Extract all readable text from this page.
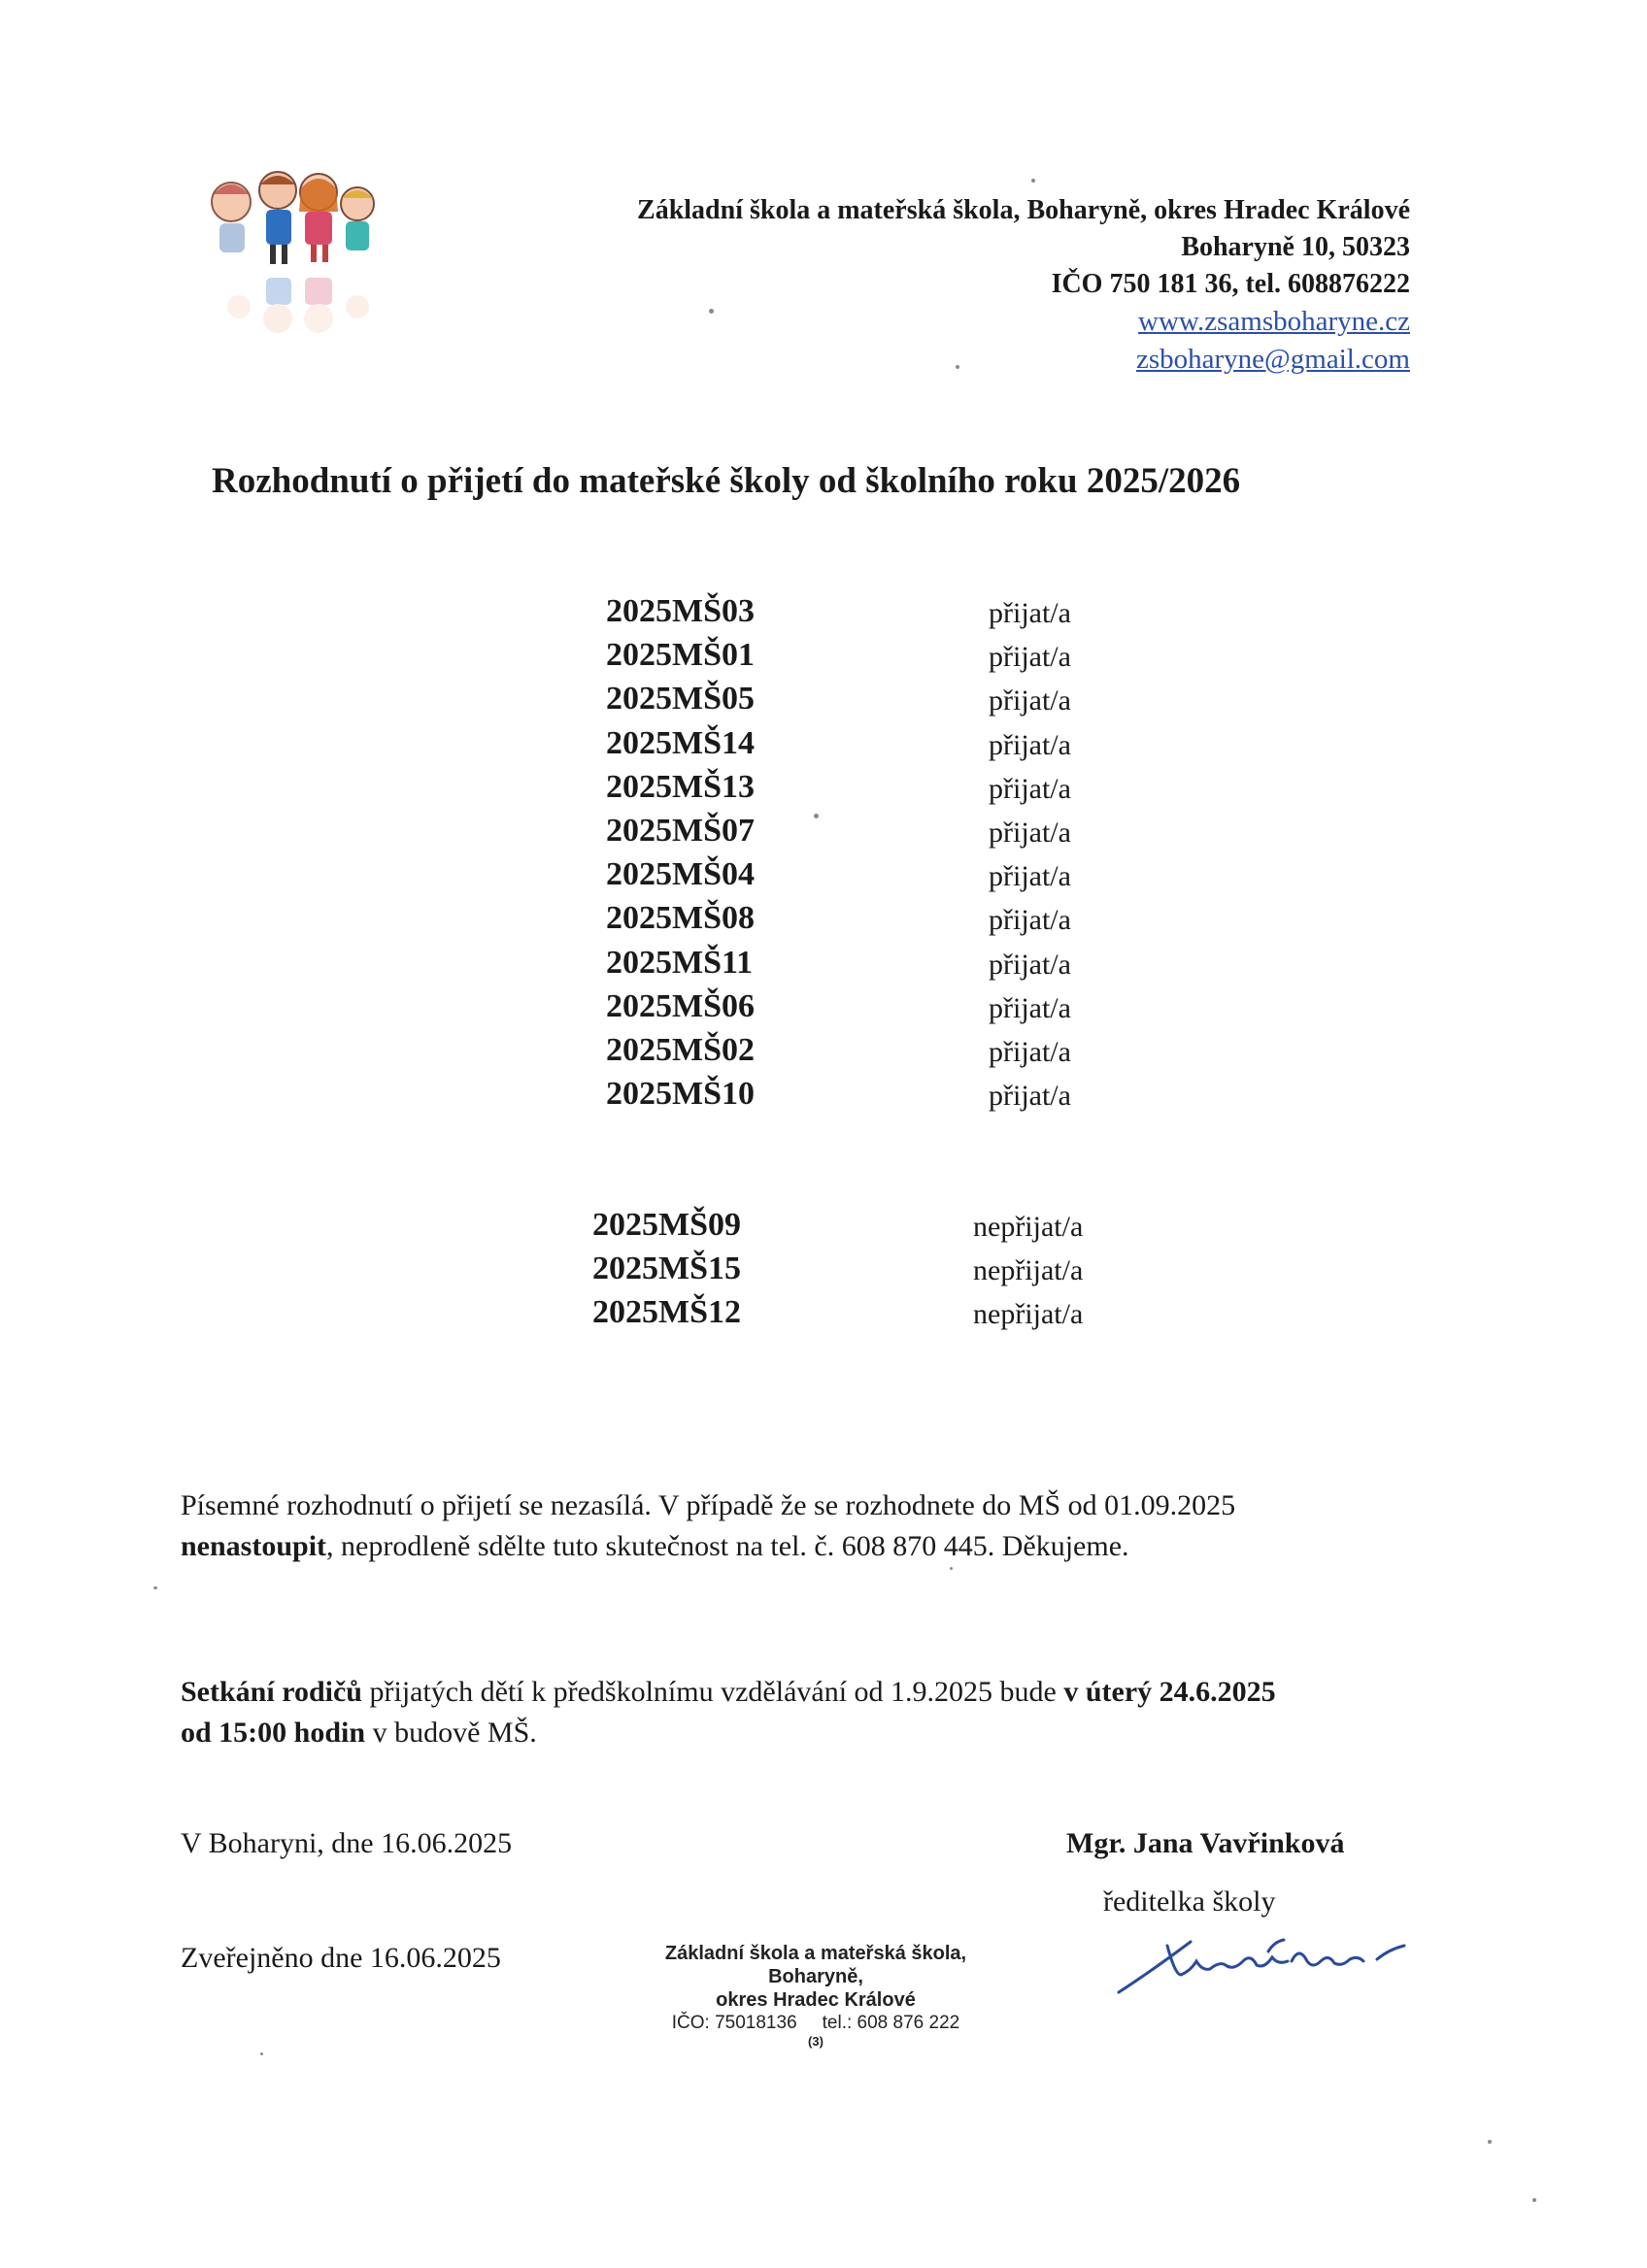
Základní škola a mateřská škola, Boharyně, okres Hradec Králové
Boharyně 10, 50323
IČO 750 181 36, tel. 608876222
www.zsamsboharyne.cz
zsboharyne@gmail.com
Rozhodnutí o přijetí do mateřské školy od školního roku 2025/2026
2025MŠ03	přijat/a
2025MŠ01	přijat/a
2025MŠ05	přijat/a
2025MŠ14	přijat/a
2025MŠ13	přijat/a
2025MŠ07	přijat/a
2025MŠ04	přijat/a
2025MŠ08	přijat/a
2025MŠ11	přijat/a
2025MŠ06	přijat/a
2025MŠ02	přijat/a
2025MŠ10	přijat/a
2025MŠ09	nepřijat/a
2025MŠ15	nepřijat/a
2025MŠ12	nepřijat/a
Písemné rozhodnutí o přijetí se nezasílá. V případě že se rozhodnete do MŠ od 01.09.2025
nenastoupit, neprodleně sdělte tuto skutečnost na tel. č. 608 870 445. Děkujeme.
Setkání rodičů přijatých dětí k předškolnímu vzdělávání od 1.9.2025 bude v úterý 24.6.2025
od 15:00 hodin v budově MŠ.
V Boharyni, dne 16.06.2025
Zveřejněno dne 16.06.2025
Mgr. Jana Vavřinková
ředitelka školy
Základní škola a mateřská škola,
Boharyně,
okres Hradec Králové
IČO: 75018136 tel.: 608 876 222
(3)
